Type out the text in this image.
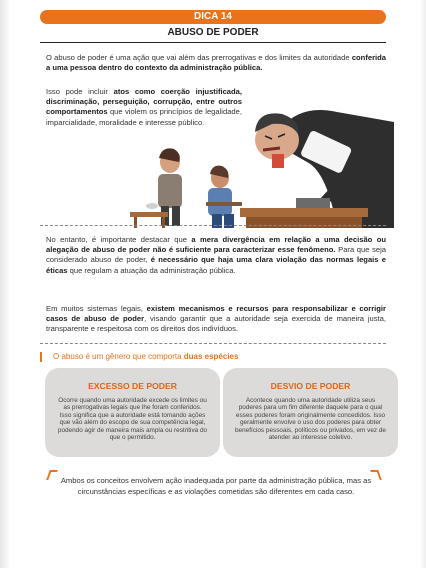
DICA 14
ABUSO DE PODER

O abuso de poder é uma ação que vai além das prerrogativas e dos limites da autoridade conferida a uma pessoa dentro do contexto da administração pública.

Isso pode incluir atos como coerção injustificada, discriminação, perseguição, corrupção, entre outros comportamentos que violem os princípios de legalidade, imparcialidade, moralidade e interesse público.

No entanto, é importante destacar que a mera divergência em relação a uma decisão ou alegação de abuso de poder não é suficiente para caracterizar esse fenômeno. Para que seja considerado abuso de poder, é necessário que haja uma clara violação das normas legais e éticas que regulam a atuação da administração pública.

Em muitos sistemas legais, existem mecanismos e recursos para responsabilizar e corrigir casos de abuso de poder, visando garantir que a autoridade seja exercida de maneira justa, transparente e respeitosa com os direitos dos indivíduos.

O abuso é um gênero que comporta duas espécies
EXCESSO DE PODER
Ocorre quando uma autoridade excede os limites ou as prerrogativas legais que lhe foram conferidos. Isso significa que a autoridade está tomando ações que vão além do escopo de sua competência legal, podendo agir de maneira mais ampla ou restritiva do que o permitido.
DESVIO DE PODER
Acontece quando uma autoridade utiliza seus poderes para um fim diferente daquele para o qual esses poderes foram originalmente concedidos. Isso geralmente envolve o uso dos poderes para obter benefícios pessoais, políticos ou privados, em vez de atender ao interesse coletivo.
Ambos os conceitos envolvem ação inadequada por parte da administração pública, mas as circunstâncias específicas e as violações cometidas são diferentes em cada caso.
